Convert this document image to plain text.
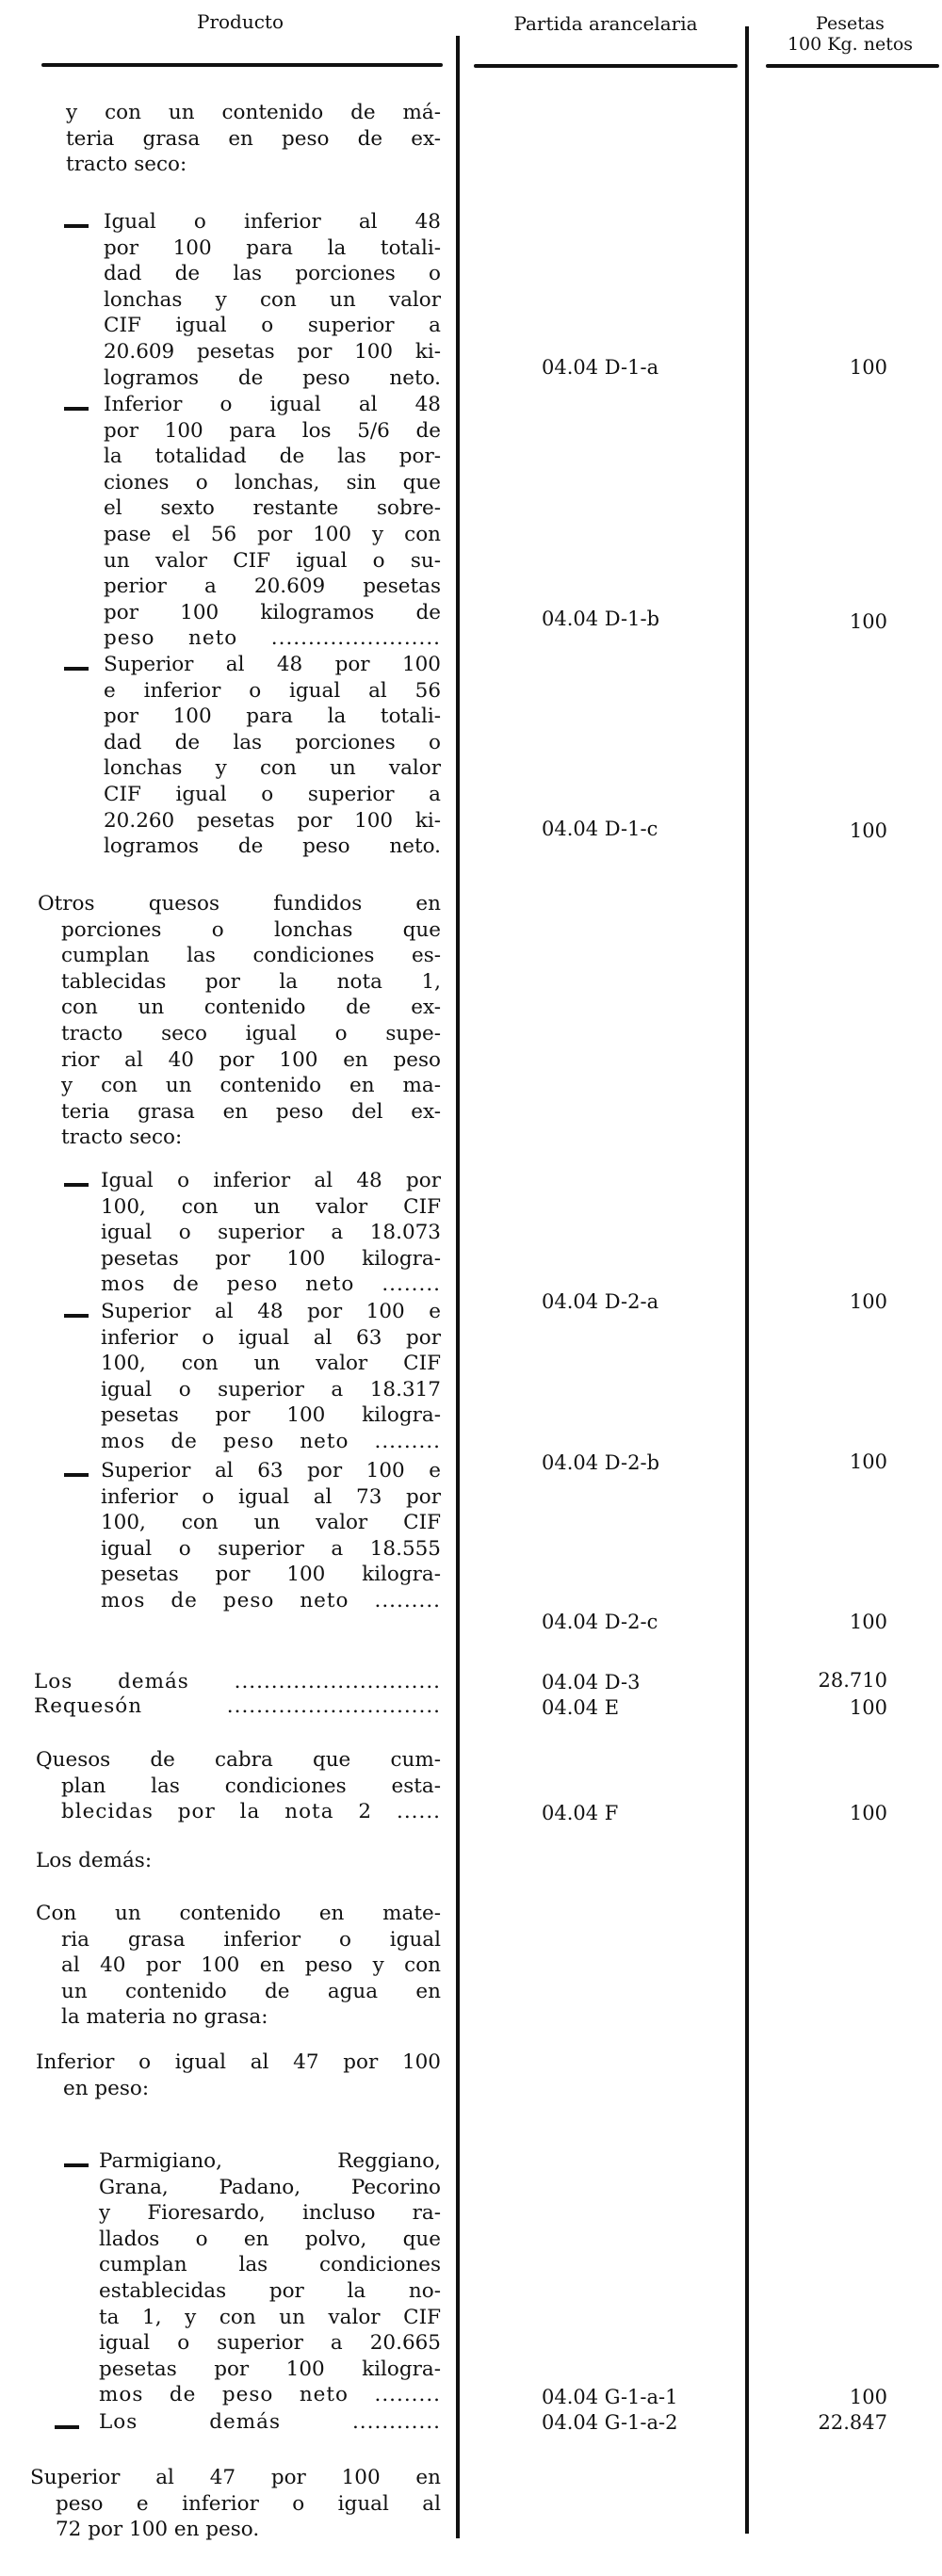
Producto	Partida arancelaria	Pesetas
100 Kg. netos
y con un contenido de má-
teria grasa en peso de ex-
tracto seco:
Igual o inferior al 48
por 100 para la totali-
dad de las porciones o
lonchas y con un valor
CIF igual o superior a
20.609 pesetas por 100 ki-
logramos de peso neto.	04.04 D-1-a	100
Inferior o igual al 48
por 100 para los 5/6 de
la totalidad de las por-
ciones o lonchas, sin que
el sexto restante sobre-
pase el 56 por 100 y con
un valor CIF igual o su-
perior a 20.609 pesetas
por 100 kilogramos de
peso neto .......................
04.04 D-1-b	100
Superior al 48 por 100
e inferior o igual al 56
por 100 para la totali-
dad de las porciones o
lonchas y con un valor
CIF igual o superior a
20.260 pesetas por 100 ki-
logramos de peso neto.
04.04 D-1-c	100
Otros quesos fundidos en
porciones o lonchas que
cumplan las condiciones es-
tablecidas por la nota 1,
con un contenido de ex-
tracto seco igual o supe-
rior al 40 por 100 en peso
y con un contenido en ma-
teria grasa en peso del ex-
tracto seco:
Igual o inferior al 48 por
100, con un valor CIF
igual o superior a 18.073
pesetas por 100 kilogra-
mos de peso neto ........
04.04 D-2-a	100
Superior al 48 por 100 e
inferior o igual al 63 por
100, con un valor CIF
igual o superior a 18.317
pesetas por 100 kilogra-
mos de peso neto .........
04.04 D-2-b	100
Superior al 63 por 100 e
inferior o igual al 73 por
100, con un valor CIF
igual o superior a 18.555
pesetas por 100 kilogra-
mos de peso neto .........
04.04 D-2-c	100
Los demás ............................	04.04 D-3	28.710
Requesón .............................	04.04 E	100
Quesos de cabra que cum-
plan las condiciones esta-
blecidas por la nota 2 ......	04.04 F	100
Los demás:
Con un contenido en mate-
ria grasa inferior o igual
al 40 por 100 en peso y con
un contenido de agua en
la materia no grasa:
Inferior o igual al 47 por 100
en peso:
Parmigiano, Reggiano,
Grana, Padano, Pecorino
y Fioresardo, incluso ra-
llados o en polvo, que
cumplan las condiciones
establecidas por la no-
ta 1, y con un valor CIF
igual o superior a 20.665
pesetas por 100 kilogra-
mos de peso neto .........	04.04 G-1-a-1	100
Los demás ............	04.04 G-1-a-2	22.847
Superior al 47 por 100 en
peso e inferior o igual al
72 por 100 en peso.
